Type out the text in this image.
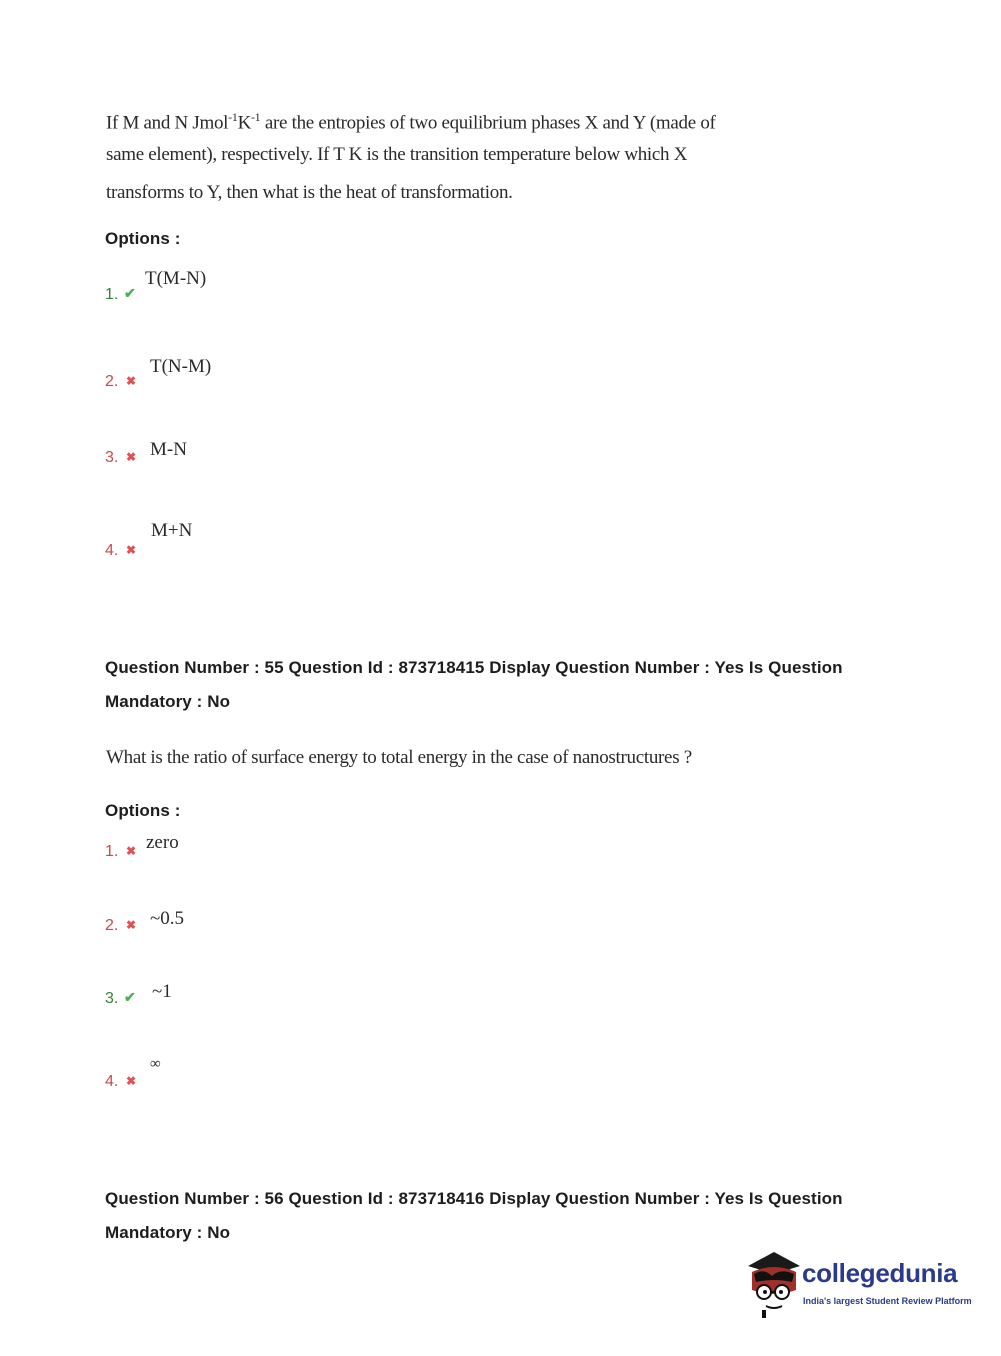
If M and N $Jmol^{-1}K^{-1}$ are the entropies of two equilibrium phases X and Y (made of
same element), respectively. If T K is the transition temperature below which X
transforms to Y, then what is the heat of transformation.
Options :
1. ✔
T(M-N)
2. ✖
T(N-M)
3. ✖ M-N
4. ✖
M+N
Question Number : 55 Question Id : 873718415 Display Question Number : Yes Is Question
Mandatory : No
What is the ratio of surface energy to total energy in the case of nanostructures ?
Options :
1. ✖ zero
2. ✖ ~0.5
3. ✔ ~1
4. ✖
∞
Question Number : 56 Question Id : 873718416 Display Question Number : Yes Is Question
Mandatory : No
collegedunia
India's largest Student Review Platform
